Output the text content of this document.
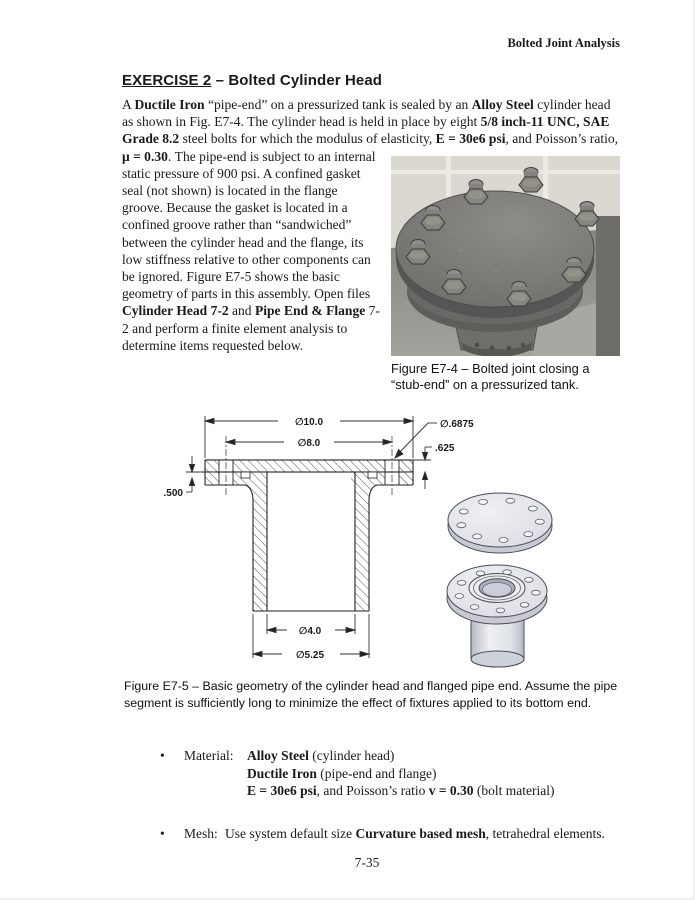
Bolted Joint Analysis
EXERCISE 2 – Bolted Cylinder Head
Figure E7-4 – Bolted joint closing a “stub-end” on a pressurized tank.
A Ductile Iron “pipe-end” on a pressurized tank is sealed by an Alloy Steel cylinder head as shown in Fig. E7-4. The cylinder head is held in place by eight 5/8 inch-11 UNC, SAE Grade 8.2 steel bolts for which the modulus of elasticity, E = 30e6 psi, and Poisson’s ratio, μ = 0.30. The pipe-end is subject to an internal static pressure of 900 psi. A confined gasket seal (not shown) is located in the flange groove. Because the gasket is located in a confined groove rather than “sandwiched” between the cylinder head and the flange, its low stiffness relative to other components can be ignored. Figure E7-5 shows the basic geometry of parts in this assembly. Open files Cylinder Head 7-2 and Pipe End & Flange 7-2 and perform a finite element analysis to determine items requested below.
∅10.0
∅8.0
∅.6875
.625
.500
∅4.0
∅5.25
Figure E7-5 – Basic geometry of the cylinder head and flanged pipe end. Assume the pipe segment is sufficiently long to minimize the effect of fixtures applied to its bottom end.
•	Material:	Alloy Steel (cylinder head)
Ductile Iron (pipe-end and flange)
E = 30e6 psi, and Poisson’s ratio v = 0.30 (bolt material)
•	Mesh: Use system default size Curvature based mesh, tetrahedral elements.
7-35
